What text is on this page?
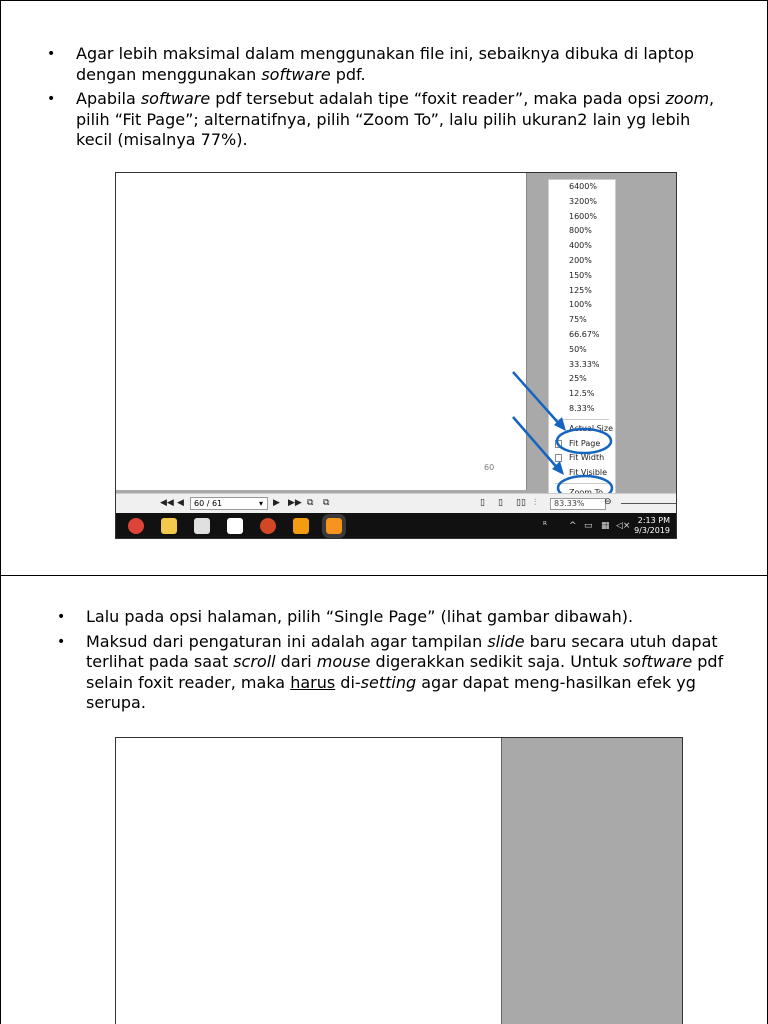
• Agar lebih maksimal dalam menggunakan file ini, sebaiknya dibuka di laptop dengan menggunakan software pdf.
• Apabila software pdf tersebut adalah tipe “foxit reader”, maka pada opsi zoom, pilih “Fit Page”; alternatifnya, pilih “Zoom To”, lalu pilih ukuran2 lain yg lebih kecil (misalnya 77%).
60
6400%
3200%
1600%
800%
400%
200%
150%
125%
100%
75%
66.67%
50%
33.33%
25%
12.5%
8.33%
Actual Size
Fit Page
Fit Width
Fit Visible
◀◀ ◀	60 / 61	▾ ▶ ▶▶ ⧉ ⧉	▯ ▯ ▯▯ ⫶	83.33%	⊖
ᴿ ^ ▭ ▦ ◁×
2:13 PM
9/3/2019
• Lalu pada opsi halaman, pilih “Single Page” (lihat gambar dibawah).
• Maksud dari pengaturan ini adalah agar tampilan slide baru secara utuh dapat terlihat pada saat scroll dari mouse digerakkan sedikit saja. Untuk software pdf selain foxit reader, maka harus di-setting agar dapat meng-hasilkan efek yg serupa.
